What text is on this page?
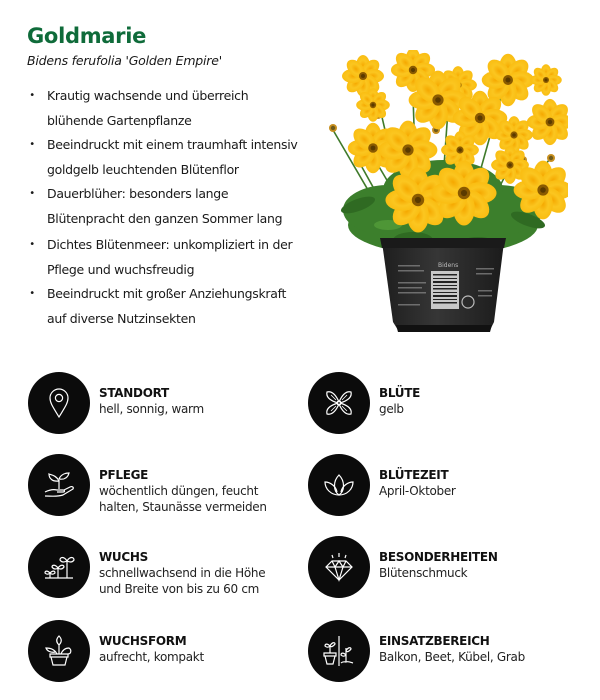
Goldmarie
Bidens ferufolia 'Golden Empire'
• Krautig wachsende und überreich
blühende Gartenpflanze
• Beeindruckt mit einem traumhaft intensiv
goldgelb leuchtenden Blütenflor
• Dauerblüher: besonders lange
Blütenpracht den ganzen Sommer lang
• Dichtes Blütenmeer: unkompliziert in der
Pflege und wuchsfreudig
• Beeindruckt mit großer Anziehungskraft
auf diverse Nutzinsekten
Bidens
STANDORT
hell, sonnig, warm
BLÜTE
gelb
PFLEGE
wöchentlich düngen, feucht
halten, Staunässe vermeiden
BLÜTEZEIT
April-Oktober
WUCHS
schnellwachsend in die Höhe
und Breite von bis zu 60 cm
BESONDERHEITEN
Blütenschmuck
WUCHSFORM
aufrecht, kompakt
EINSATZBEREICH
Balkon, Beet, Kübel, Grab
